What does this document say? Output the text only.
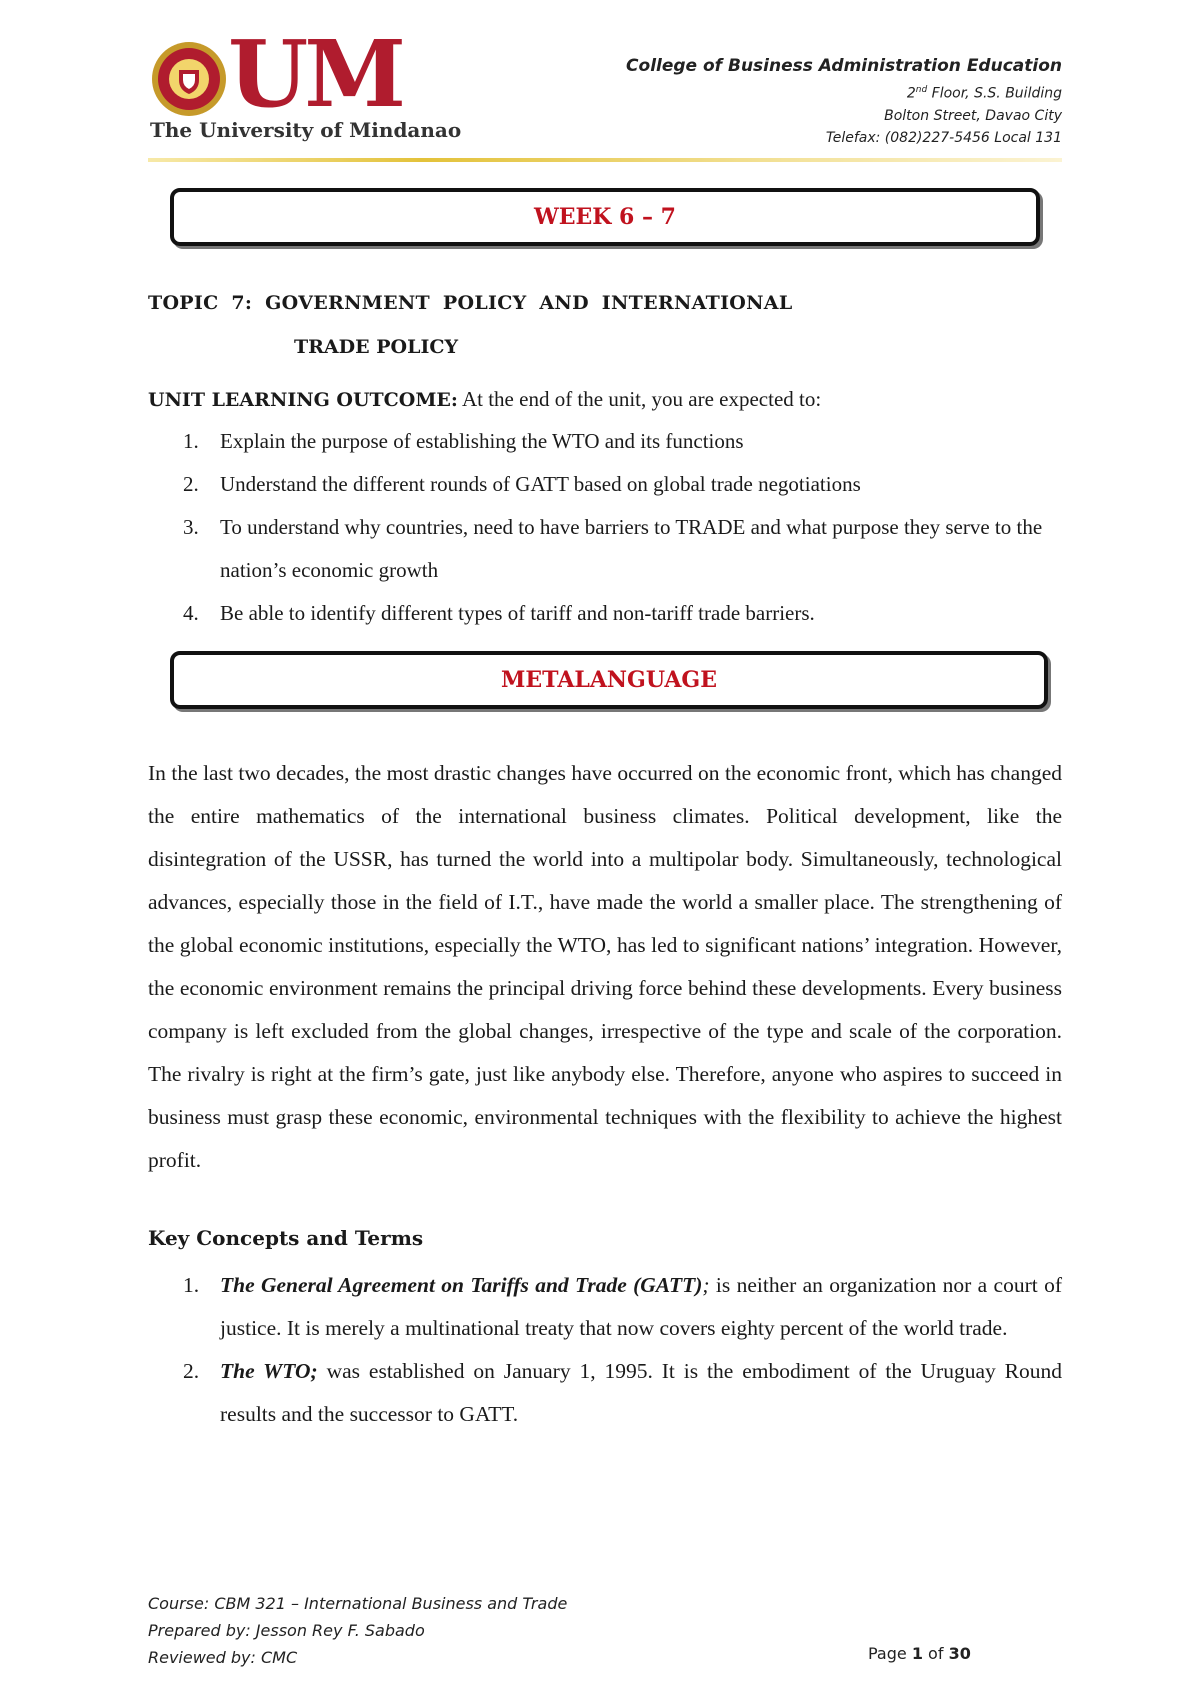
UM
The University of Mindanao
College of Business Administration Education
2nd Floor, S.S. Building
Bolton Street, Davao City
Telefax: (082)227-5456 Local 131
WEEK 6 – 7
TOPIC 7: GOVERNMENT POLICY AND INTERNATIONAL
TRADE POLICY
UNIT LEARNING OUTCOME: At the end of the unit, you are expected to:
1. Explain the purpose of establishing the WTO and its functions
2. Understand the different rounds of GATT based on global trade negotiations
3. To understand why countries, need to have barriers to TRADE and what purpose they serve to the nation’s economic growth
4. Be able to identify different types of tariff and non-tariff trade barriers.
METALANGUAGE
In the last two decades, the most drastic changes have occurred on the economic front, which has changed the entire mathematics of the international business climates. Political development, like the disintegration of the USSR, has turned the world into a multipolar body. Simultaneously, technological advances, especially those in the field of I.T., have made the world a smaller place. The strengthening of the global economic institutions, especially the WTO, has led to significant nations’ integration. However, the economic environment remains the principal driving force behind these developments. Every business company is left excluded from the global changes, irrespective of the type and scale of the corporation. The rivalry is right at the firm’s gate, just like anybody else. Therefore, anyone who aspires to succeed in business must grasp these economic, environmental techniques with the flexibility to achieve the highest profit.
Key Concepts and Terms
1. The General Agreement on Tariffs and Trade (GATT); is neither an organization nor a court of justice. It is merely a multinational treaty that now covers eighty percent of the world trade.
2. The WTO; was established on January 1, 1995. It is the embodiment of the Uruguay Round results and the successor to GATT.
Course: CBM 321 – International Business and Trade
Prepared by: Jesson Rey F. Sabado
Reviewed by: CMC	Page 1 of 30
